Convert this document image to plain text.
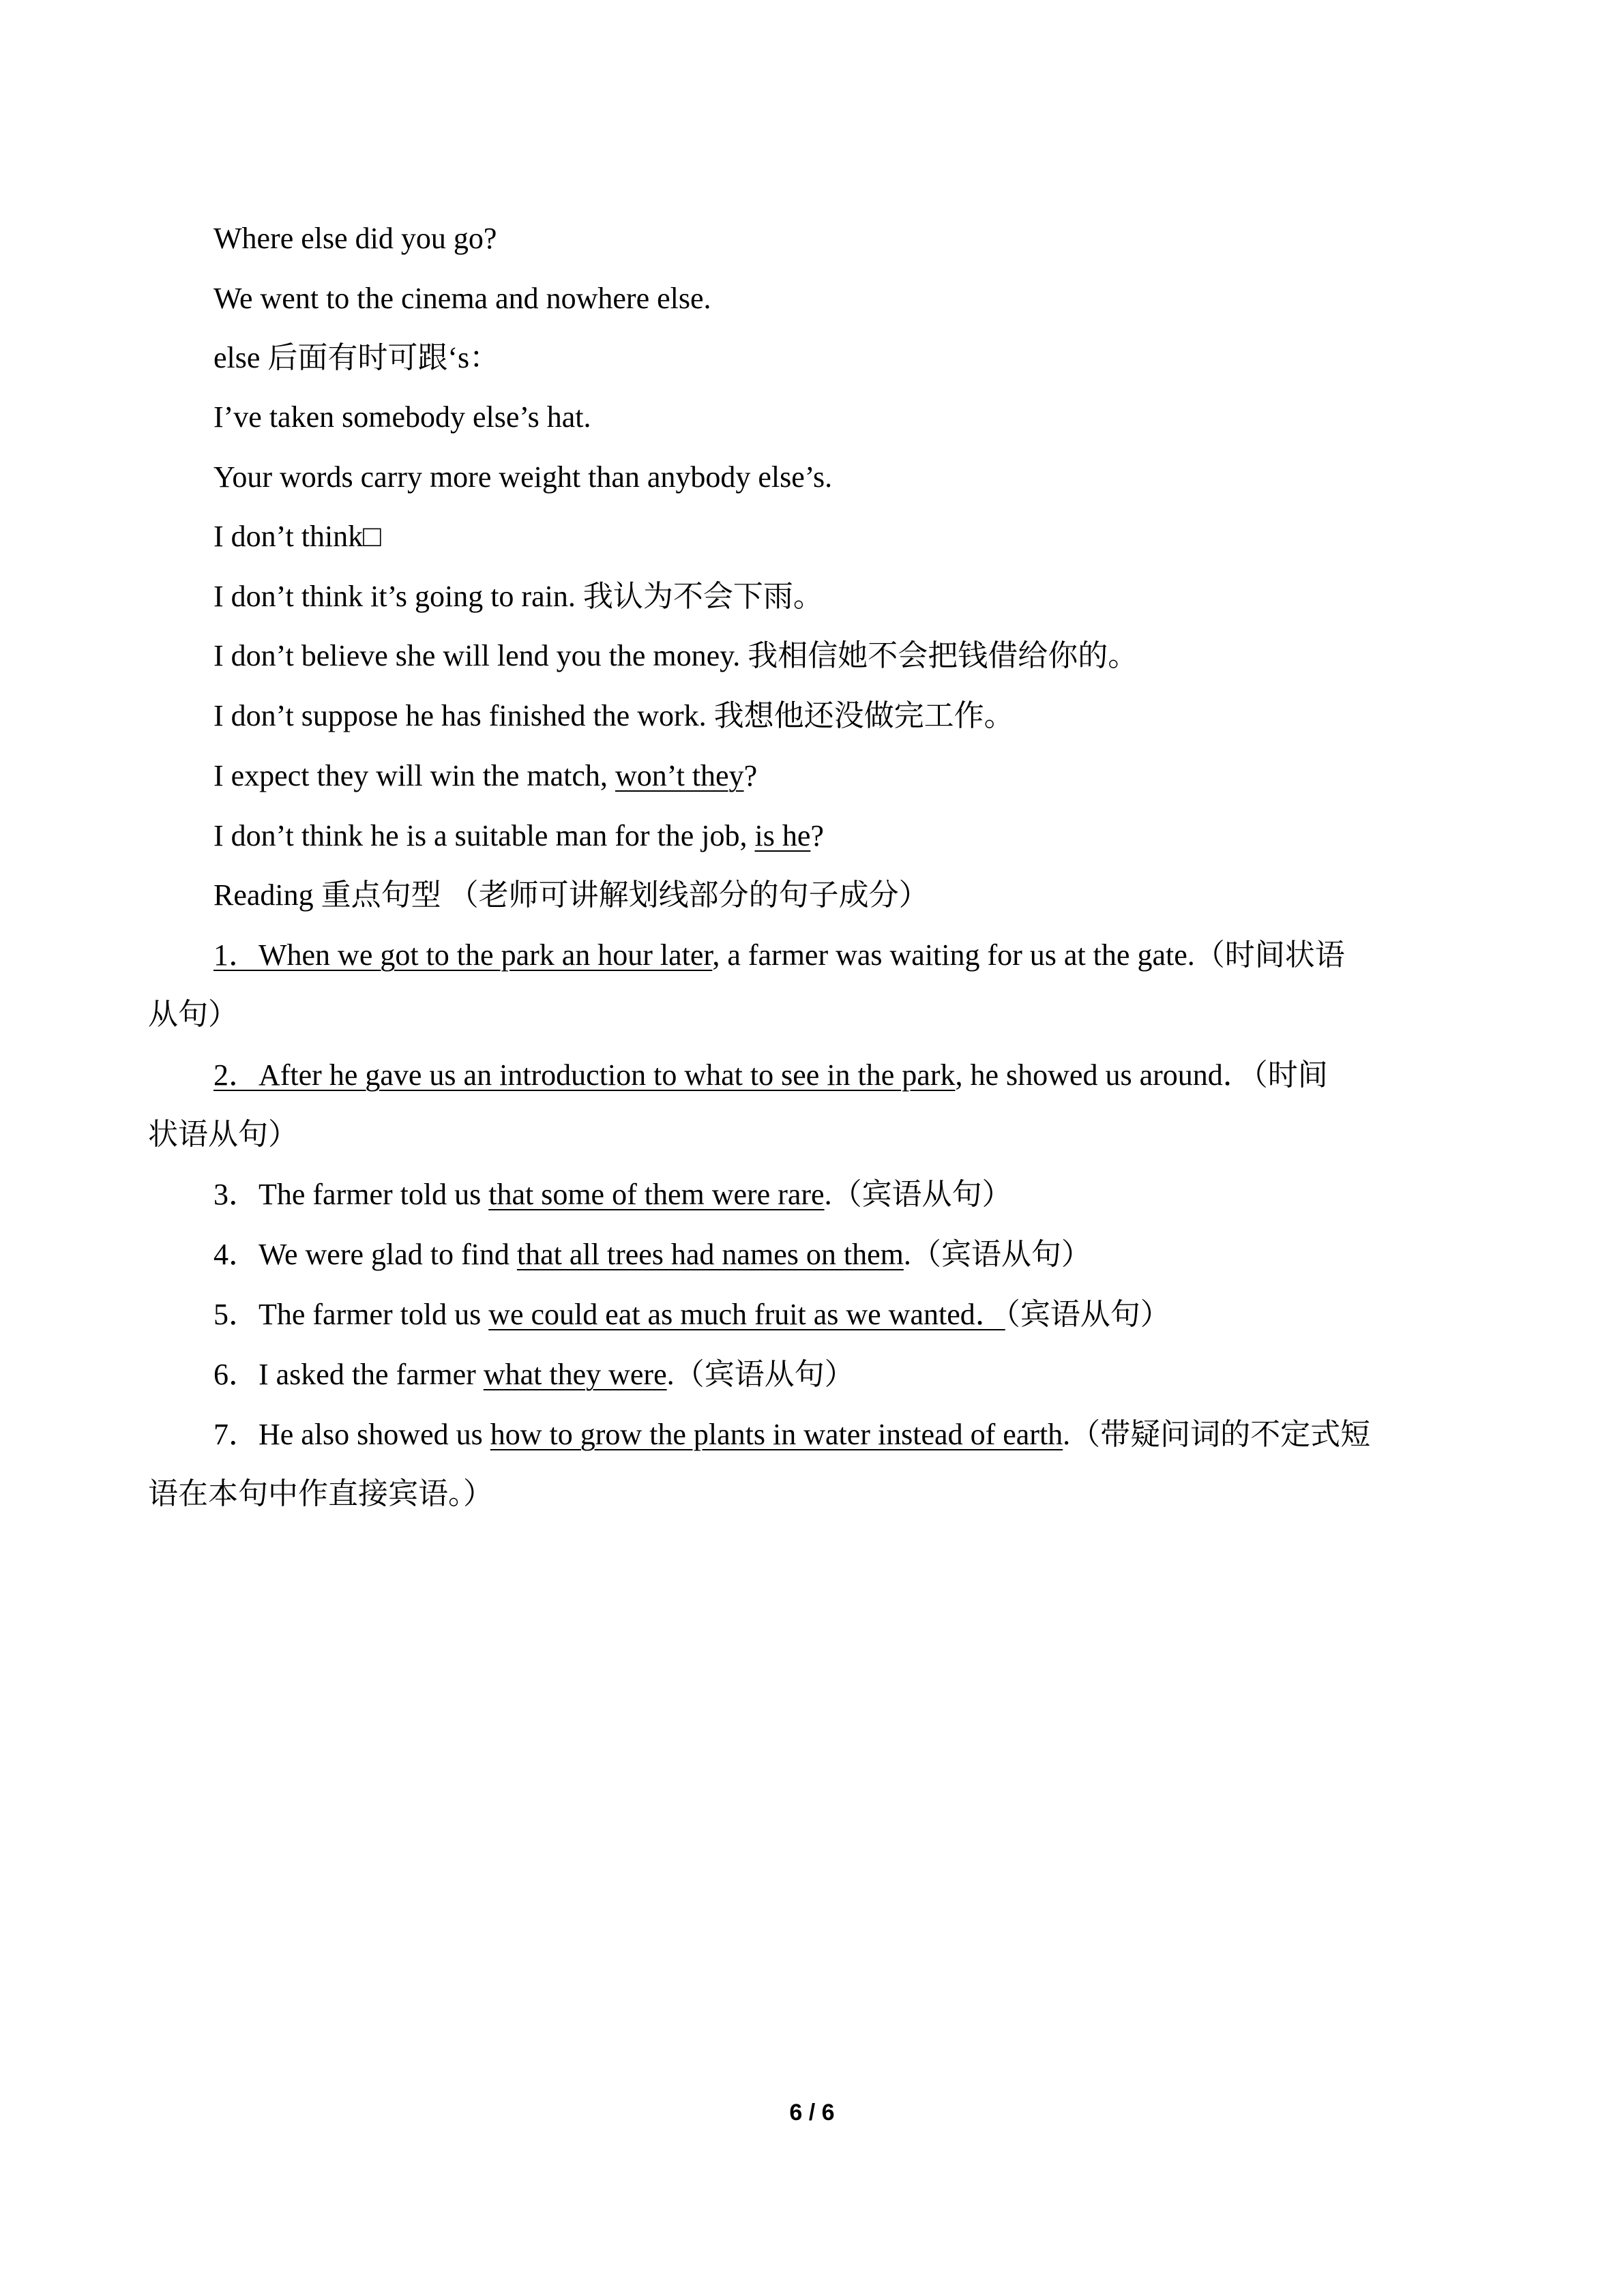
Where else did you go?
We went to the cinema and nowhere else.
else 后面有时可跟‘s：
I’ve taken somebody else’s hat.
Your words carry more weight than anybody else’s.
I don’t think□
I don’t think it’s going to rain. 我认为不会下雨。
I don’t believe she will lend you the money. 我相信她不会把钱借给你的。
I don’t suppose he has finished the work. 我想他还没做完工作。
I expect they will win the match, won’t they?
I don’t think he is a suitable man for the job, is he?
Reading 重点句型 （老师可讲解划线部分的句子成分）
1．When we got to the park an hour later, a farmer was waiting for us at the gate.（时间状语
从句）
2．After he gave us an introduction to what to see in the park, he showed us around．（时间
状语从句）
3．The farmer told us that some of them were rare.（宾语从句）
4．We were glad to find that all trees had names on them.（宾语从句）
5．The farmer told us we could eat as much fruit as we wanted．（宾语从句）
6．I asked the farmer what they were.（宾语从句）
7．He also showed us how to grow the plants in water instead of earth.（带疑问词的不定式短
语在本句中作直接宾语。）
6 / 6
